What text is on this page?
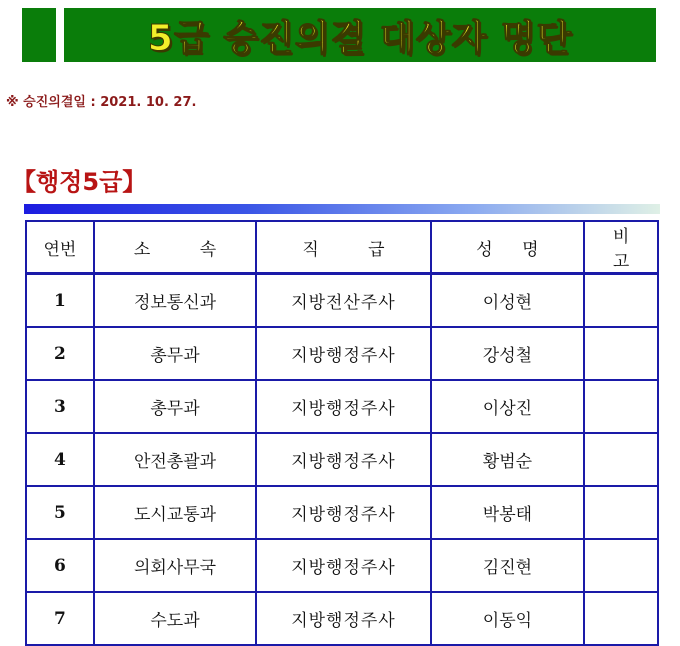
5급 승진의결 대상자 명단
※ 승진의결일 : 2021. 10. 27.
【행정5급】
연번	소 속	직 급	성 명	비 고
1	정보통신과	지방전산주사	이성현	
2	총무과	지방행정주사	강성철	
3	총무과	지방행정주사	이상진	
4	안전총괄과	지방행정주사	황범순	
5	도시교통과	지방행정주사	박봉태	
6	의회사무국	지방행정주사	김진현	
7	수도과	지방행정주사	이동익	
